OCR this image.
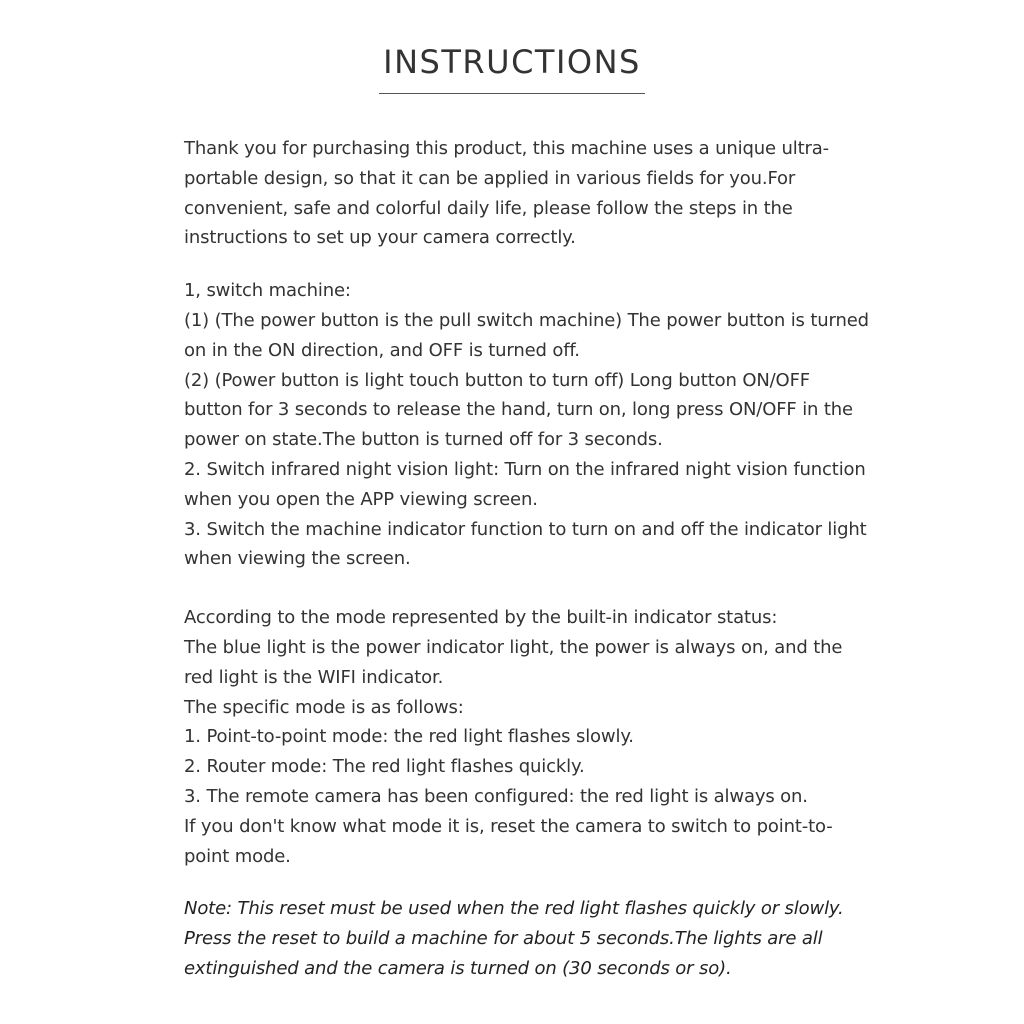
INSTRUCTIONS

Thank you for purchasing this product, this machine uses a unique ultra-portable design, so that it can be applied in various fields for you.For convenient, safe and colorful daily life, please follow the steps in the instructions to set up your camera correctly.

1, switch machine:

(1) (The power button is the pull switch machine) The power button is turned on in the ON direction, and OFF is turned off.

(2) (Power button is light touch button to turn off) Long button ON/OFF button for 3 seconds to release the hand, turn on, long press ON/OFF in the power on state.The button is turned off for 3 seconds.

2. Switch infrared night vision light: Turn on the infrared night vision function when you open the APP viewing screen.

3. Switch the machine indicator function to turn on and off the indicator light when viewing the screen.

According to the mode represented by the built-in indicator status:

The blue light is the power indicator light, the power is always on, and the red light is the WIFI indicator.

The specific mode is as follows:

1. Point-to-point mode: the red light flashes slowly.

2. Router mode: The red light flashes quickly.

3. The remote camera has been configured: the red light is always on.

If you don't know what mode it is, reset the camera to switch to point-to-point mode.

Note: This reset must be used when the red light flashes quickly or slowly. Press the reset to build a machine for about 5 seconds.The lights are all extinguished and the camera is turned on (30 seconds or so).
